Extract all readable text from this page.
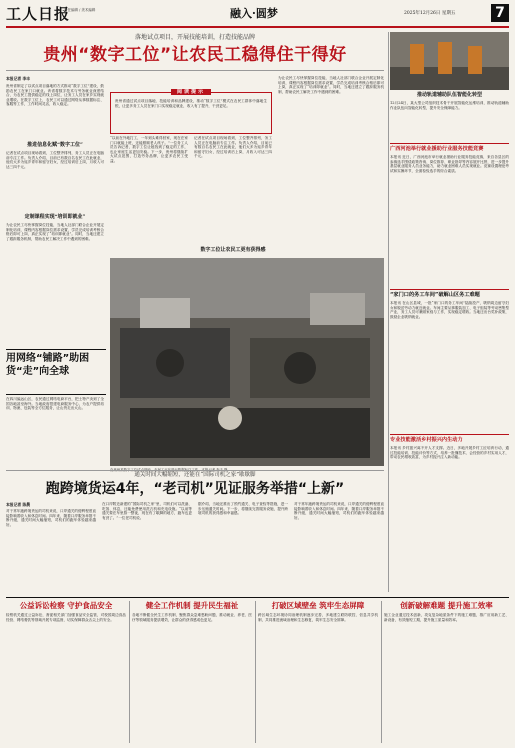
工人日报
责任编辑 / 美术编辑	融入·圆梦	2025年12月26日 星期五	7
落地试点项目，开展技能培训，打造技能品牌
贵州“数字工位”让农民工稳得住干得好
本报记者 李丰
阅读提示
贵州省通过试点项目落地、技能培训和品牌建设，推动“数字工位”模式在农民工群体中落地生根，让更多务工人员在家门口实现稳定就业，收入有了提升，干劲更足。
贵州省制定了以试点项目落地的方式推动“数字工位”建设，鼓励农民工在家门口就业。该省将数字技术与劳务就业深度结合，为农民工提供稳定的线上岗位，让务工人员在家乡实现就业增收。在数字工位上，农民工可以通过网络从事数据标注、客服等工作，工作时间灵活，收入稳定。
推进信息化赋“数字工位”
记者在试点项目现场看到，工位整齐排列，务工人员正在电脑前专注工作。负责人介绍，目前已有数百名农民工在此就业，他们大多为返乡青年和留守妇女，经过培训后上岗，月收入可达三四千元。
定制课程实现“培训即就业”
为让农民工尽快掌握岗位技能，当地人社部门联合企业开展定制化培训，课程内容根据岗位需求设置，学员完成培训考核合格后即可上岗，真正实现了“培训即就业”。同时，当地还建立了跟踪服务机制，帮助农民工解决工作中遇到的困难。
“以前在外地打工，一年到头难得回家，现在在家门口就能上班，还能照顾老人孩子。”一位务工人员告诉记者，数字工位让她找到了稳定的工作，也让家庭生活更加安稳。下一步，贵州将继续扩大试点范围，打造劳务品牌，让更多农民工受益。
记者在试点项目现场看到，工位整齐排列，务工人员正在电脑前专注工作。负责人介绍，目前已有数百名农民工在此就业，他们大多为返乡青年和留守妇女，经过培训后上岗，月收入可达三四千元。
数字工位让农民工更有获得感
为让农民工尽快掌握岗位技能，当地人社部门联合企业开展定制化培训，课程内容根据岗位需求设置，学员完成培训考核合格后即可上岗，真正实现了“培训即就业”。同时，当地还建立了跟踪服务机制，帮助农民工解决工作中遇到的困难。
用网络“铺路”助困货“走”向全球
在四川偏远山区，农民通过网络电商平台，把土特产卖到了全国各地甚至海外。当地政府搭建电商服务中心，为农户提供培训、物流、包装等全方位服务，让山货走出大山。
推动轨道辅助队伍智能化转型
12月24日，某大型公司组织技术骨干开展智能化运维培训，推动轨道辅助作业队伍向智能化转型，提升安全保障能力。
广西河池举行就业援助行业服务技能竞赛
本报讯 近日，广西河池市举行就业援助行业服务技能竞赛，来自各县区的参赛选手围绕政策咨询、岗位推荐、职业指导等内容展开比拼，进一步提升基层就业服务人员业务能力，助力就业困难人员实现就业。竞赛设置理论考试和实操环节，全面检验选手的综合素质。
“家门口的务工车间”破解山区务工难题
本报讯 在山区县城，一批“家门口的务工车间”陆续投产，吸纳周边留守妇女和脱贫劳动力就近就业。车间主要从事服装加工、电子组装等劳动密集型产业，务工人员可兼顾家庭与工作，实现稳定增收。当地还出台奖补政策，鼓励企业吸纳就业。
专业技能激活乡村振兴内生动力
本报讯 乡村振兴离不开人才支撑。近日，多地开展乡村工匠培育行动，通过技能培训、技能评价等方式，培养一批懂技术、会经营的乡村实用人才，带动农民增收致富，为乡村振兴注入新动能。
通关时间大幅缩短，还能在“国际司机之家”歇歇脚
跑跨境货运4年，“老司机”见证服务举措“上新”
本报记者 陈晨
对于常年跑跨境货运的司机来说，口岸通关的便利程度直接影响着收入和休息时间。四年来，随着口岸服务举措不断升级，通关时间大幅缩短，司机们的跑车体验越来越好。
在口岸附近新建的“国际司机之家”里，司机们可以洗澡、吃饭、休息，还能免费使用洗衣机和充电设施。“以前等通关要在车里熬一整夜，现在有了歇脚的地方，跑车也更有劲了。”一位老司机说。
据介绍，当地还推出了预约通关、电子查验等措施，进一步压缩通关时间。下一步，将继续完善服务设施，提升跨境司机的获得感和幸福感。
对于常年跑跨境货运的司机来说，口岸通关的便利程度直接影响着收入和休息时间。四年来，随着口岸服务举措不断升级，通关时间大幅缩短，司机们的跑车体验越来越好。
公益诉讼检察 守护食品安全
检察机关通过公益诉讼，督促相关部门加强食品安全监管，对校园周边食品经营、网络餐饮等领域开展专项监督，切实保障群众舌尖上的安全。
健全工作机制 提升民生福祉
各地不断健全民生工作机制，聚焦群众急难愁盼问题，推动就业、养老、医疗等领域服务提质增效，让群众的获得感成色更足。
打破区域壁垒 筑牢生态屏障
跨区域生态环境协同治理机制逐步完善，多地建立联防联控、信息共享机制，共同推进流域治理和生态修复，筑牢生态安全屏障。
创新破解难题 提升施工效率
施工企业通过技术创新，攻克复杂地质条件下的施工难题，推广应用新工艺、新设备，有效缩短工期，提升施工质量和效率。
